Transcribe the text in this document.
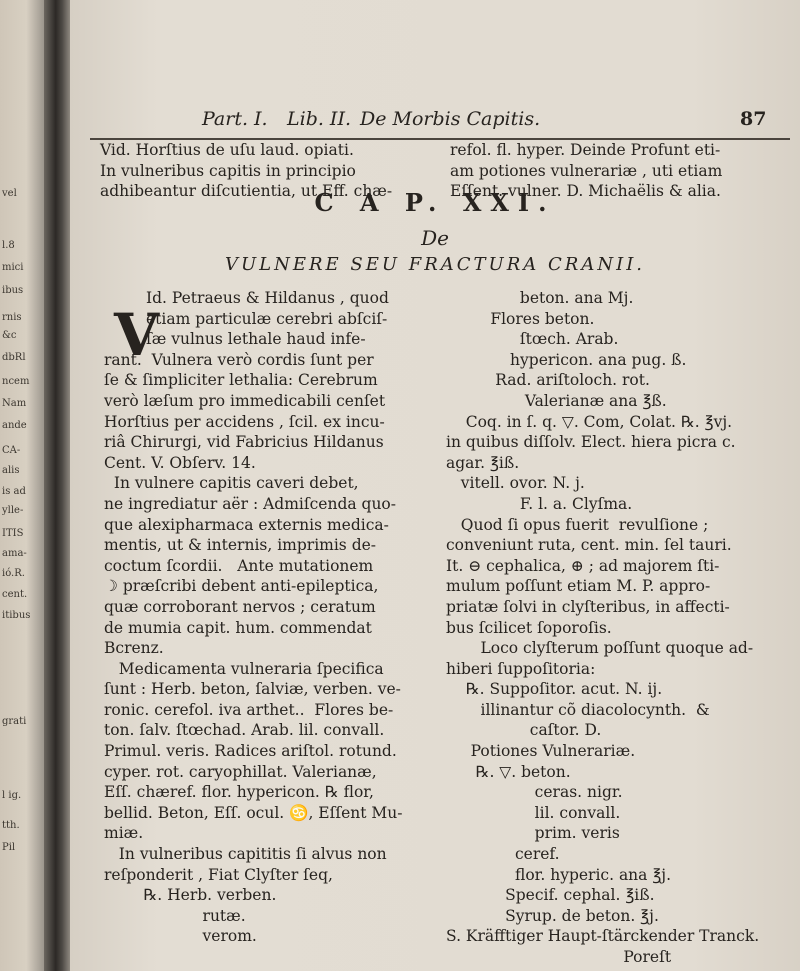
vel
l.8
mici
ibus
rnis
&c
dbRl
ncem
Nam
ande
CA-
alis
is ad
ylle-
ITIS
ama-
ió.R.
cent.
itibus
grati
l ig.
tth.
Pil
Part. I. Lib. II. De Morbis Capitis.	87
Vid. Horſtius de uſu laud. opiati.
In vulneribus capitis in principio
adhibeantur diſcutientia, ut Eff. chæ-
refol. fl. hyper. Deinde Profunt eti-
am potiones vulnerariæ , uti etiam
Eſſent. vulner. D. Michaëlis & alia.
C A P. XXI.
De
VULNERE SEU FRACTURA CRANII.
V
Id. Petraeus & Hildanus , quod
etiam particulæ cerebri abſciſ-
ſæ vulnus lethale haud infe-
rant.  Vulnera verò cordis ſunt per
ſe & ſimpliciter lethalia: Cerebrum
verò læſum pro immedicabili cenſet
Horſtius per accidens , ſcil. ex incu-
riâ Chirurgi, vid Fabricius Hildanus
Cent. V. Obſerv. 14.
In vulnere capitis caveri debet,
ne ingrediatur aër : Admiſcenda quo-
que alexipharmaca externis medica-
mentis, ut & internis, imprimis de-
coctum ſcordii.   Ante mutationem
☽ præſcribi debent anti-epileptica,
quæ corroborant nervos ; ceratum
de mumia capit. hum. commendat
Bcrenz.
Medicamenta vulneraria ſpecifica
ſunt : Herb. beton, ſalviæ, verben. ve-
ronic. cerefol. iva arthet..  Flores be-
ton. ſalv. ſtœchad. Arab. lil. convall.
Primul. veris. Radices ariſtol. rotund.
cyper. rot. caryophillat. Valerianæ,
Eſſ. chæref. flor. hypericon. ℞ flor,
bellid. Beton, Eſſ. ocul. ♋, Eſſent Mu-
miæ.
In vulneribus capititis ſi alvus non
reſponderit , Fiat Clyſter ſeq,
℞. Herb. verben.
rutæ.
verom.
beton. ana Mj.
Flores beton.
ſtœch. Arab.
hypericon. ana pug. ß.
Rad. ariſtoloch. rot.
Valerianæ ana ℥ß.
Coq. in ſ. q. ▽. Com, Colat. ℞. ℥vj.
in quibus diſſolv. Elect. hiera picra c.
agar. ℥iß.
vitell. ovor. N. j.
F. l. a. Clyſma.
Quod ſi opus fuerit  revulſione ;
conveniunt ruta, cent. min. ſel tauri.
It. ⊖ cephalica, ⊕ ; ad majorem ſti-
mulum poſſunt etiam M. P. appro-
priatæ ſolvi in clyſteribus, in affecti-
bus ſcilicet ſoporoſis.
Loco clyſterum poſſunt quoque ad-
hiberi ſuppoſitoria:
℞. Suppoſitor. acut. N. ij.
illinantur cõ diacolocynth.  &
caſtor. D.
Potiones Vulnerariæ.
℞. ▽. beton.
ceras. nigr.
lil. convall.
prim. veris
ceref.
flor. hyperic. ana ℥j.
Specif. cephal. ℥iß.
Syrup. de beton. ℥j.
S. Kräfftiger Haupt-ſtärckender Tranck.
Poreſt
